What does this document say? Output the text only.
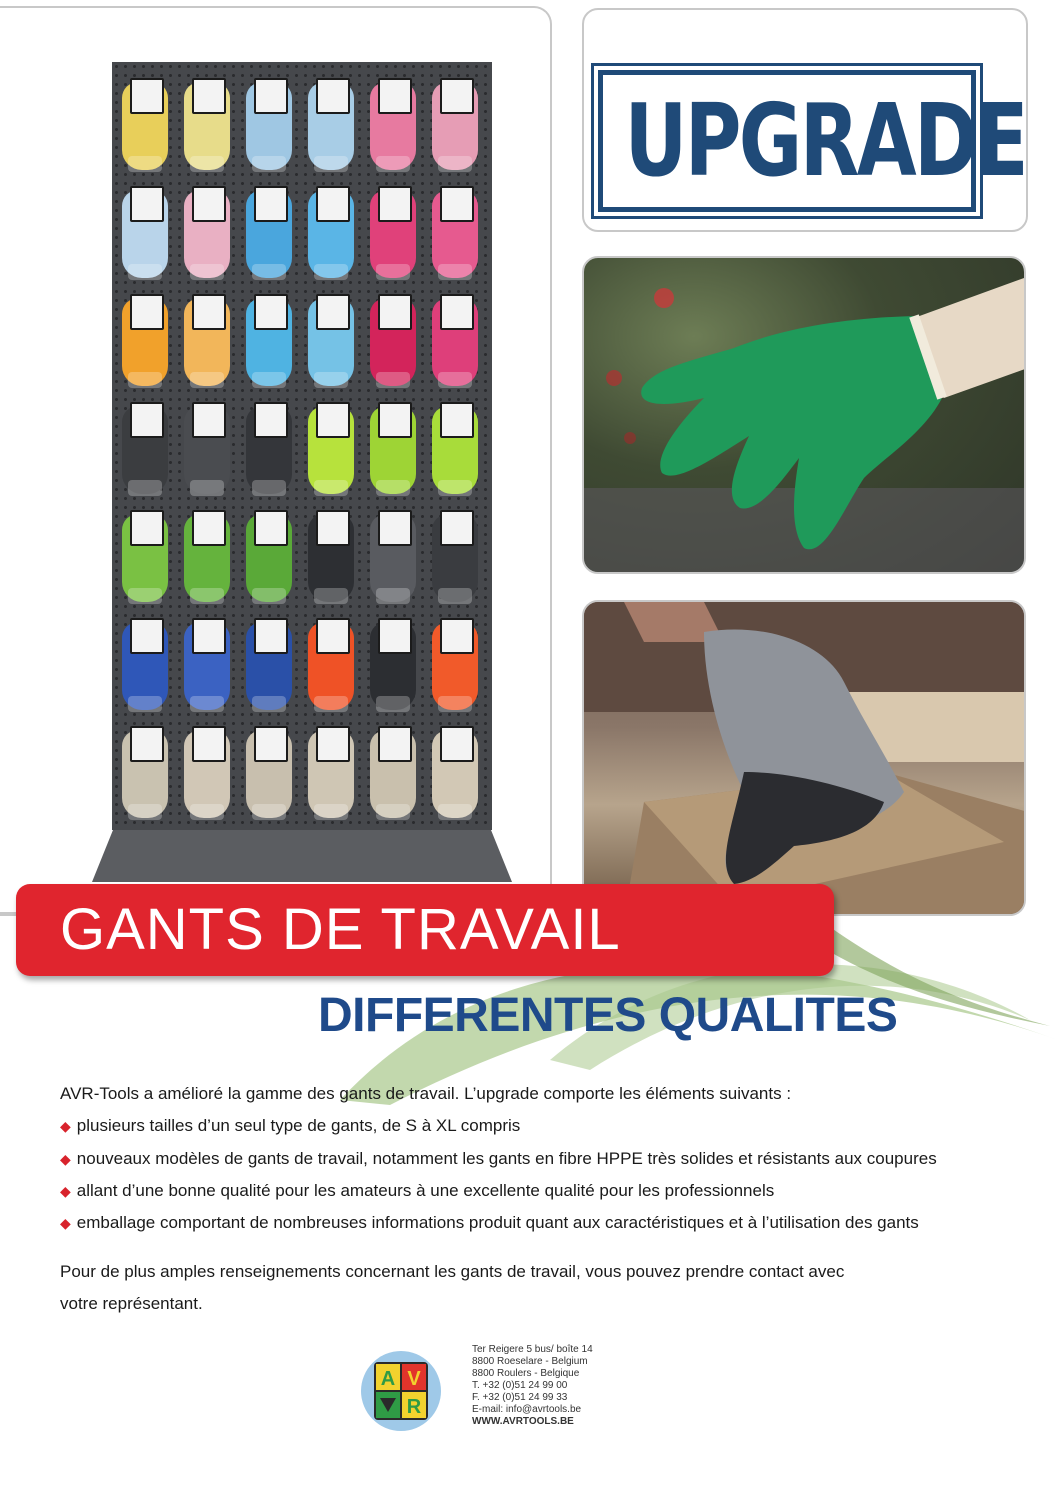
UPGRADE
GANTS DE TRAVAIL
DIFFERENTES QUALITES
AVR-Tools a amélioré la gamme des gants de travail. L’upgrade comporte les éléments suivants :
◆ plusieurs tailles d’un seul type de gants, de S à XL compris
◆ nouveaux modèles de gants de travail, notamment les gants en fibre HPPE très solides et résistants aux coupures
◆ allant d’une bonne qualité pour les amateurs à une excellente qualité pour les professionnels
◆ emballage comportant de nombreuses informations produit quant aux caractéristiques et à l’utilisation des gants
Pour de plus amples renseignements concernant les gants de travail, vous pouvez prendre contact avec
votre représentant.
A V
R
Ter Reigere 5 bus/ boîte 14
8800 Roeselare - Belgium
8800 Roulers - Belgique
T. +32 (0)51 24 99 00
F. +32 (0)51 24 99 33
E-mail: info@avrtools.be
WWW.AVRTOOLS.BE
